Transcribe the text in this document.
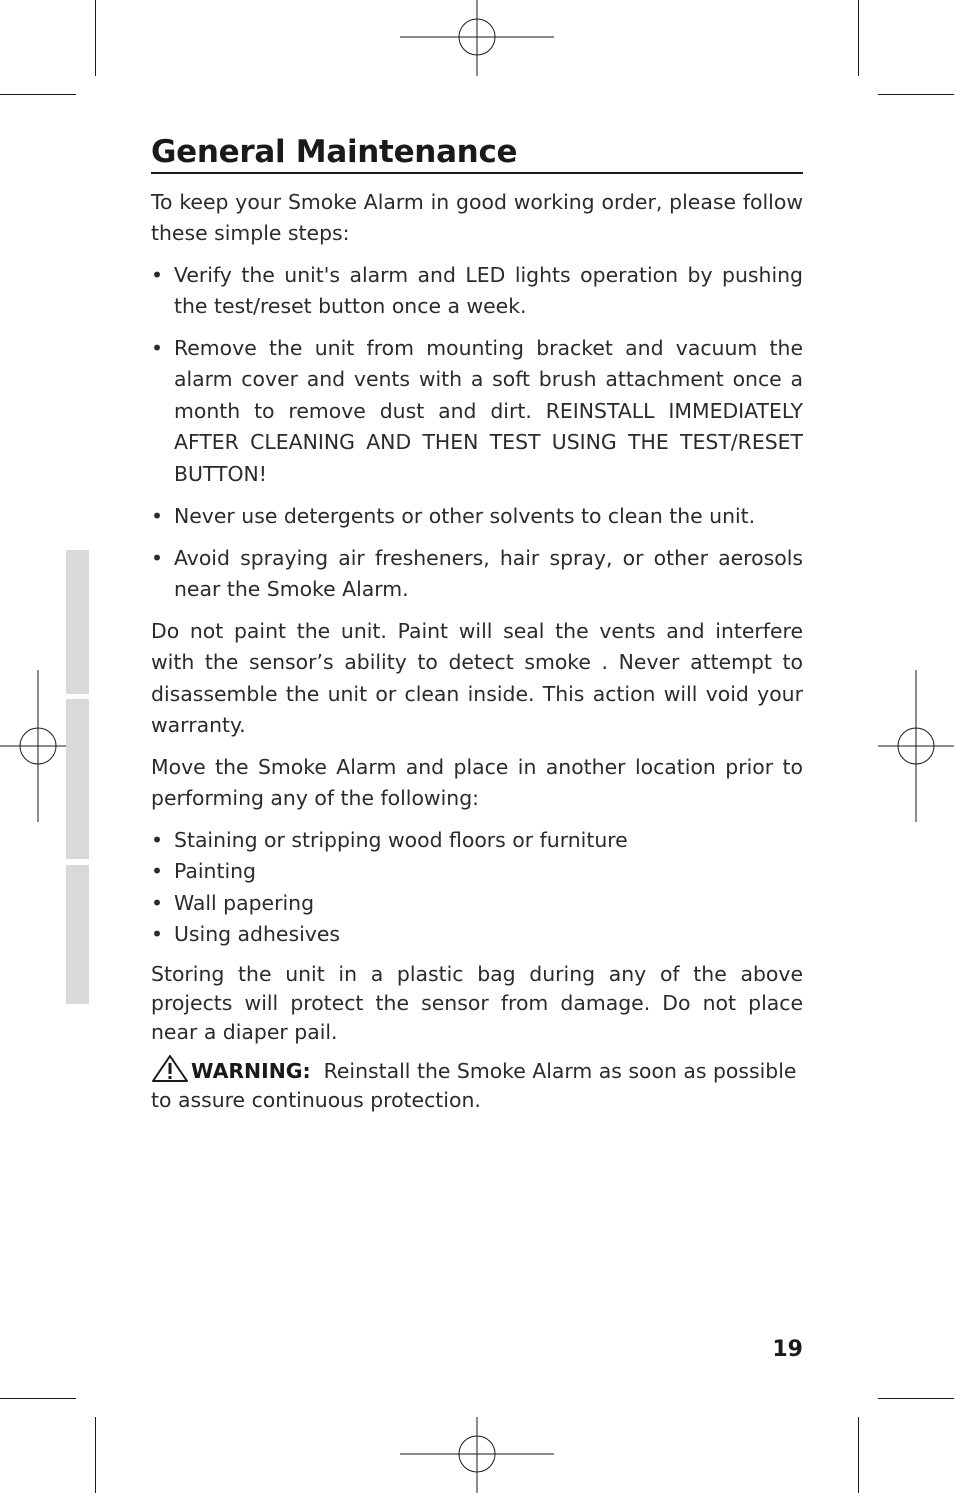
General Maintenance

To keep your Smoke Alarm in good working order, please follow these simple steps:

• Verify the unit's alarm and LED lights operation by pushing the test/reset button once a week.
• Remove the unit from mounting bracket and vacuum the alarm cover and vents with a soft brush attachment once a month to remove dust and dirt. REINSTALL IMMEDIATELY AFTER CLEANING AND THEN TEST USING THE TEST/RESET BUTTON!
• Never use detergents or other solvents to clean the unit.
• Avoid spraying air fresheners, hair spray, or other aerosols near the Smoke Alarm.

Do not paint the unit. Paint will seal the vents and interfere with the sensor’s ability to detect smoke . Never attempt to disassemble the unit or clean inside. This action will void your warranty.

Move the Smoke Alarm and place in another location prior to performing any of the following:

• Staining or stripping wood floors or furniture
• Painting
• Wall papering
• Using adhesives

Storing the unit in a plastic bag during any of the above projects will protect the sensor from damage. Do not place near a diaper pail.

WARNING: Reinstall the Smoke Alarm as soon as possible to assure continuous protection.

19
